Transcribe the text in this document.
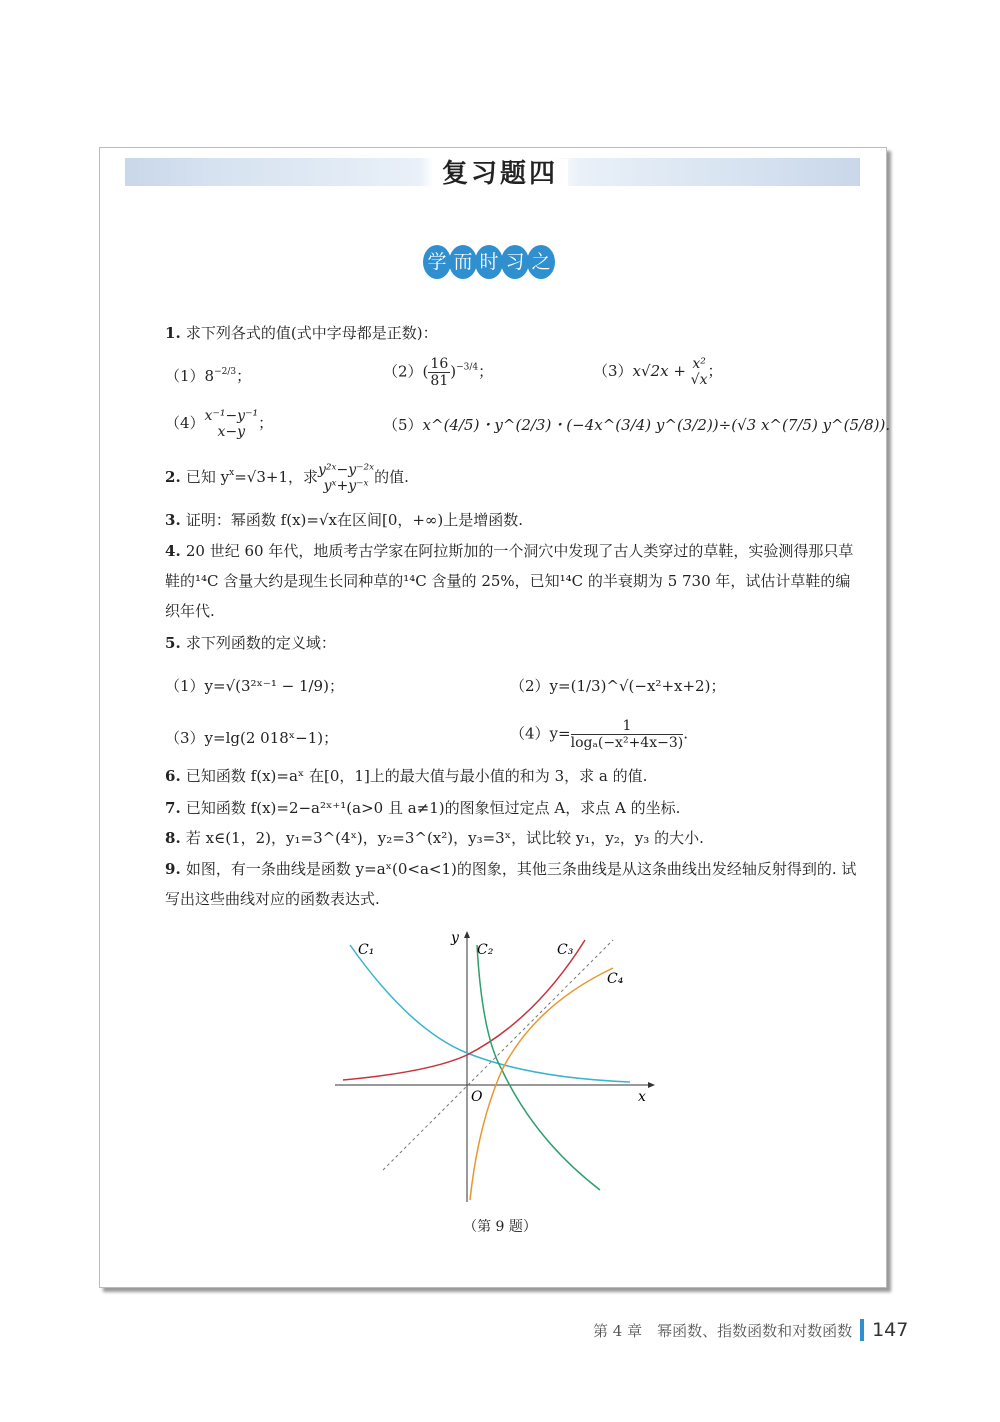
复习题四
学 而 时 习 之
1. 求下列各式的值(式中字母都是正数)：
$(1)8^{-2/3}$；	$(2)( \frac{16}{81} )^{-3/4}$；	（3）x√2x + x²
√x ；
（4） x⁻¹−y⁻¹
x−y ；	（5）x^(4/5)・y^(2/3)・(−4x^(3/4) y^(3/2))÷(√3 x^(7/5) y^(5/8)).
2. 已知 $y^x=√3+1$，求 y²ˣ−y⁻²ˣ
yˣ+y⁻ˣ 的值.
3. 证明：幂函数 f(x)=√x在区间[0，+∞)上是增函数.
4. 20 世纪 60 年代，地质考古学家在阿拉斯加的一个洞穴中发现了古人类穿过的草鞋，实验测得那只草鞋的¹⁴C 含量大约是现生长同种草的¹⁴C 含量的 25%，已知¹⁴C 的半衰期为 5 730 年，试估计草鞋的编织年代.
5. 求下列函数的定义域：
（1）y=√(3²ˣ⁻¹ − 1/9)；	（2）y=(1/3)^√(−x²+x+2)；
（3）y=lg(2 018ˣ−1)；	$(4)y= \frac{1}{\text{logₐ(−x²+4x−3)}}$ .
6. 已知函数 f(x)=aˣ 在[0，1]上的最大值与最小值的和为 3，求 a 的值.
7. 已知函数 f(x)=2−a²ˣ⁺¹(a>0 且 a≠1)的图象恒过定点 A，求点 A 的坐标.
8. 若 x∈(1，2)，y₁=3^(4ˣ)，y₂=3^(x²)，y₃=3ˣ，试比较 y₁，y₂，y₃ 的大小.
9. 如图，有一条曲线是函数 y=aˣ(0<a<1)的图象，其他三条曲线是从这条曲线出发经轴反射得到的. 试写出这些曲线对应的函数表达式.
C₁	C₂	C₃
C₄
y
O	x
（第 9 题）
第 4 章　幂函数、指数函数和对数函数 147
